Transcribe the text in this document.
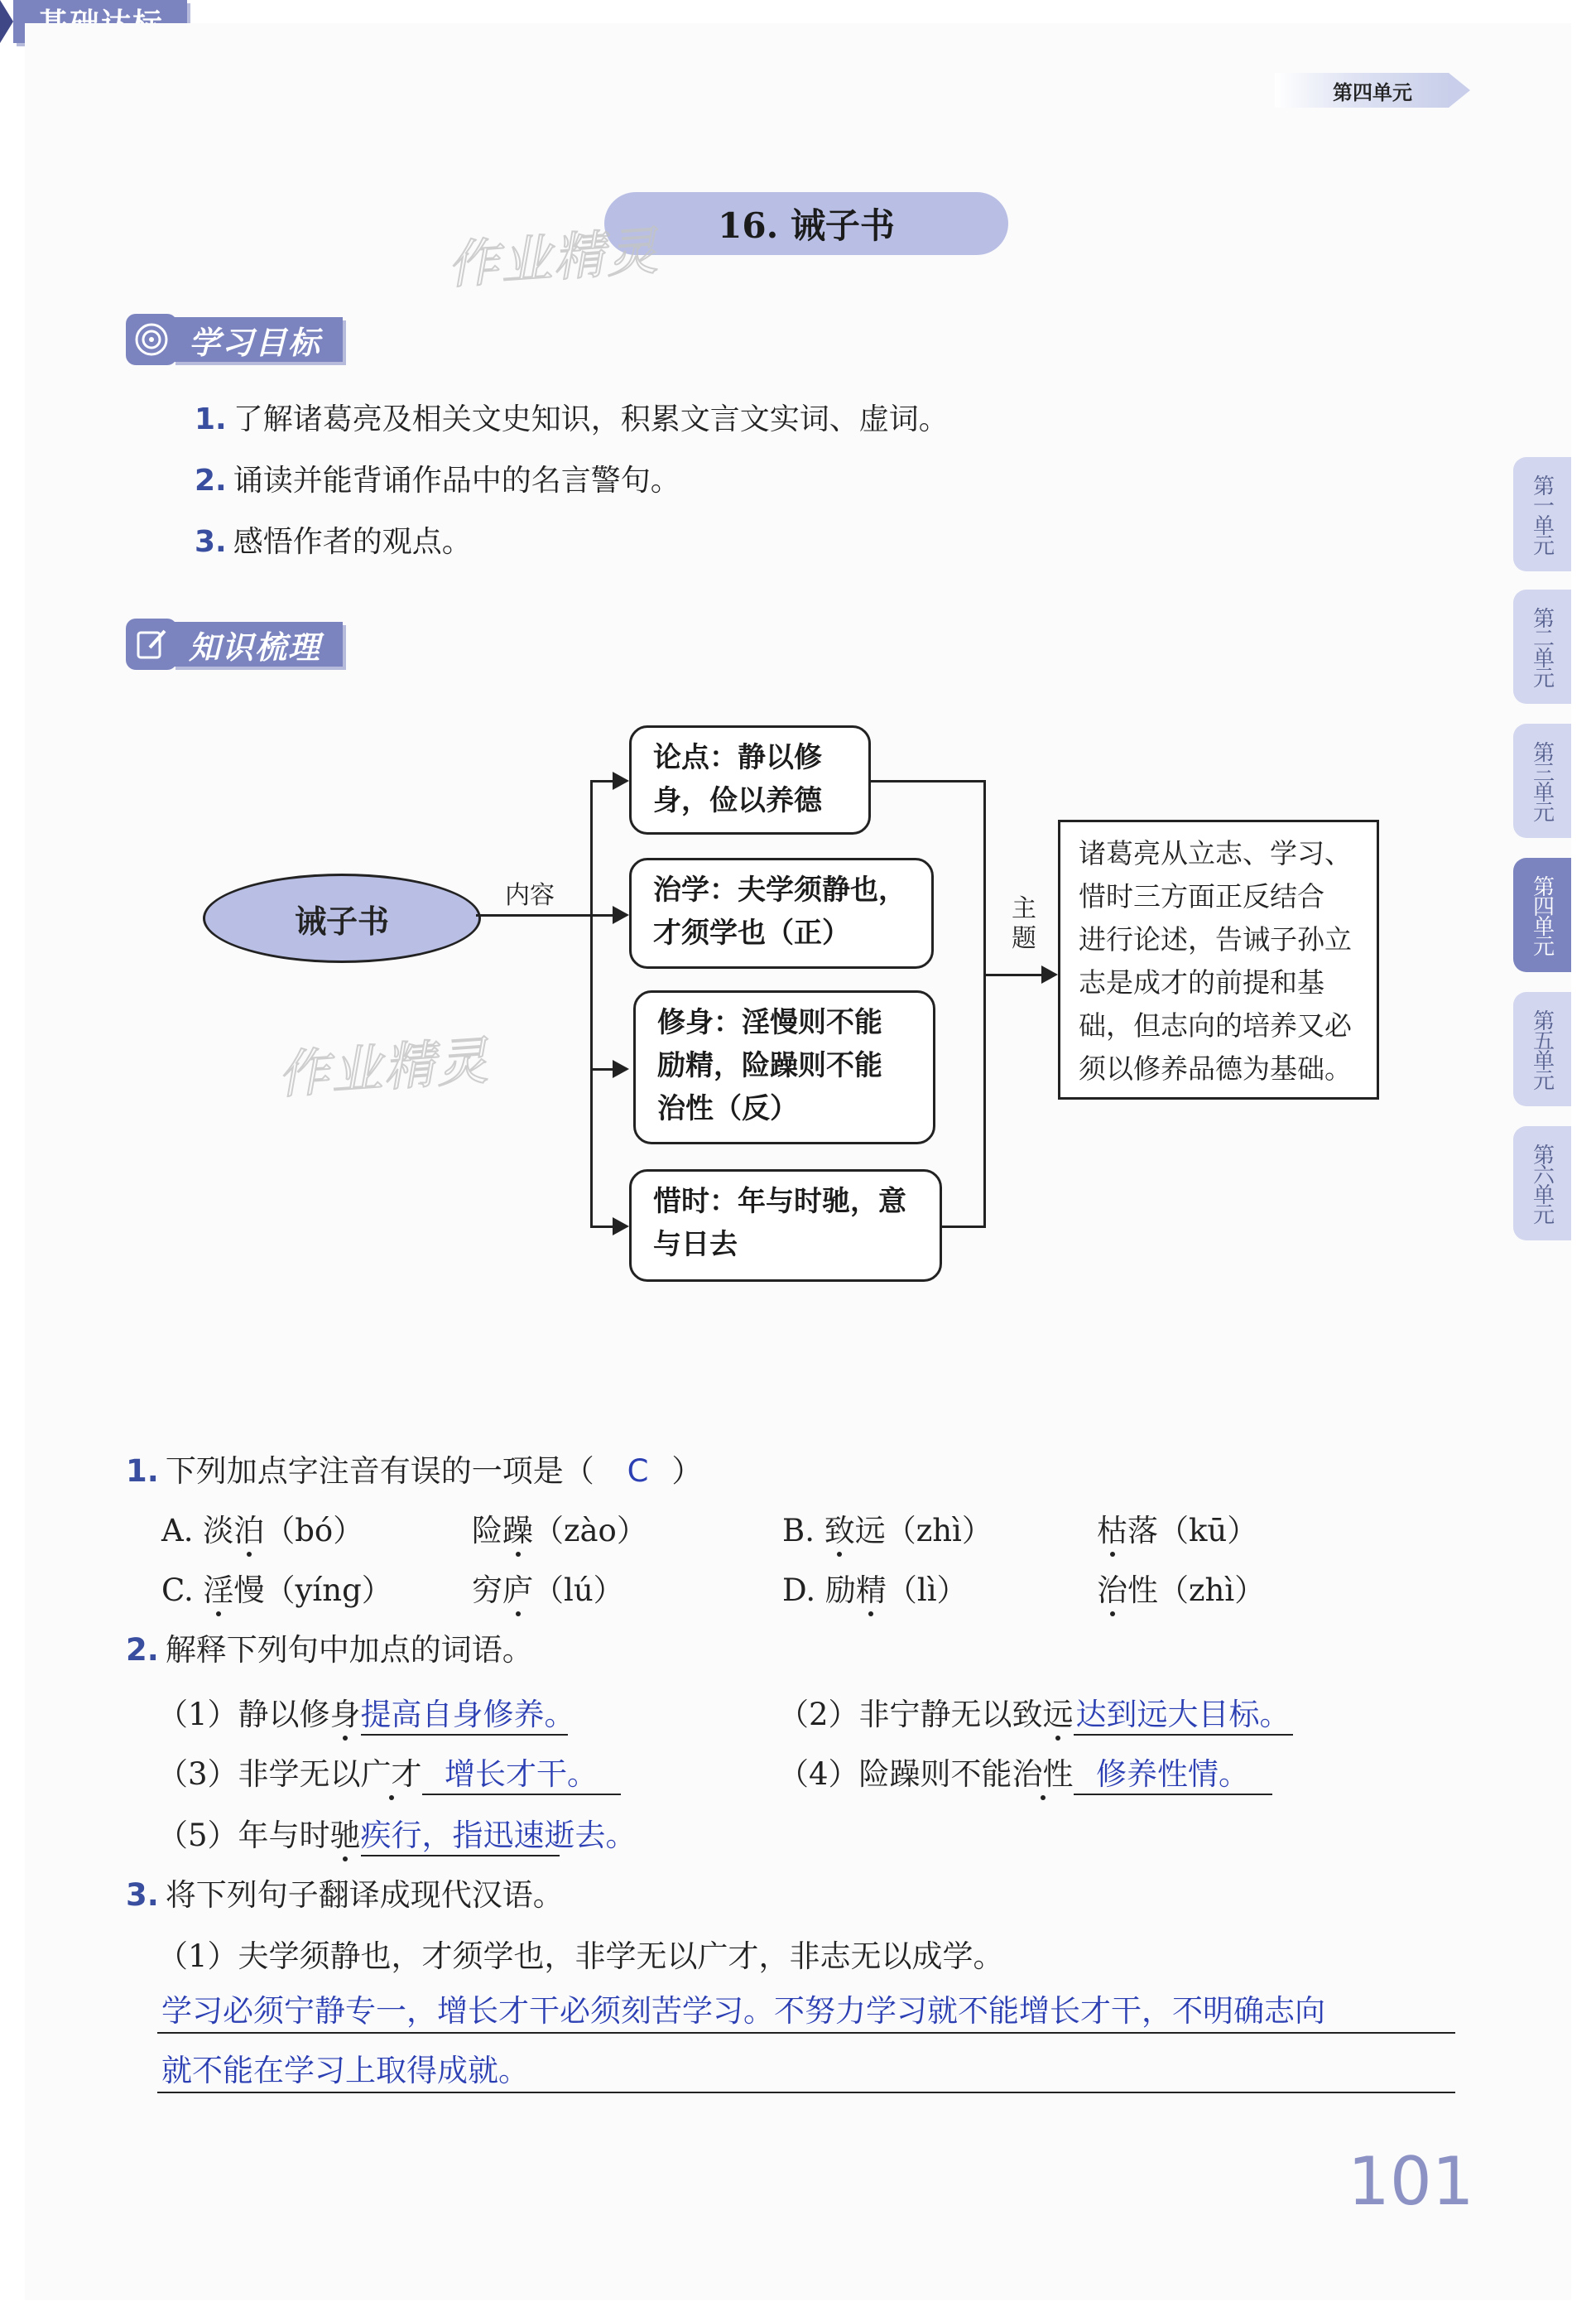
第四单元
16. 诫子书
作业精灵
学习目标
1. 了解诸葛亮及相关文史知识，积累文言文实词、虚词。
2. 诵读并能背诵作品中的名言警句。
3. 感悟作者的观点。
知识梳理
第一单元
第二单元
第三单元
第四单元
第五单元
第六单元
诫子书
内容
论点：静以修
身，俭以养德
治学：夫学须静也，
才须学也（正）
修身：淫慢则不能
励精，险躁则不能
治性（反）
惜时：年与时驰，意
与日去
主题
诸葛亮从立志、学习、
惜时三方面正反结合
进行论述，告诫子孙立
志是成才的前提和基
础，但志向的培养又必
须以修养品德为基础。
作业精灵
1. 下列加点字注音有误的一项是（ C ）
A. 淡泊（bó）	险躁（zào）	B. 致远（zhì）	枯落（kū）
C. 淫慢（yíng）	穷庐（lú）	D. 励精（lì）	治性（zhì）
2. 解释下列句中加点的词语。
（1）静以修身提高自身修养。	（2）非宁静无以致远达到远大目标。
（3）非学无以广才 增长才干。	（4）险躁则不能治性 修养性情。
（5）年与时驰疾行，指迅速逝去。
3. 将下列句子翻译成现代汉语。
（1）夫学须静也，才须学也，非学无以广才，非志无以成学。
学习必须宁静专一，增长才干必须刻苦学习。不努力学习就不能增长才干，不明确志向
就不能在学习上取得成就。
101
